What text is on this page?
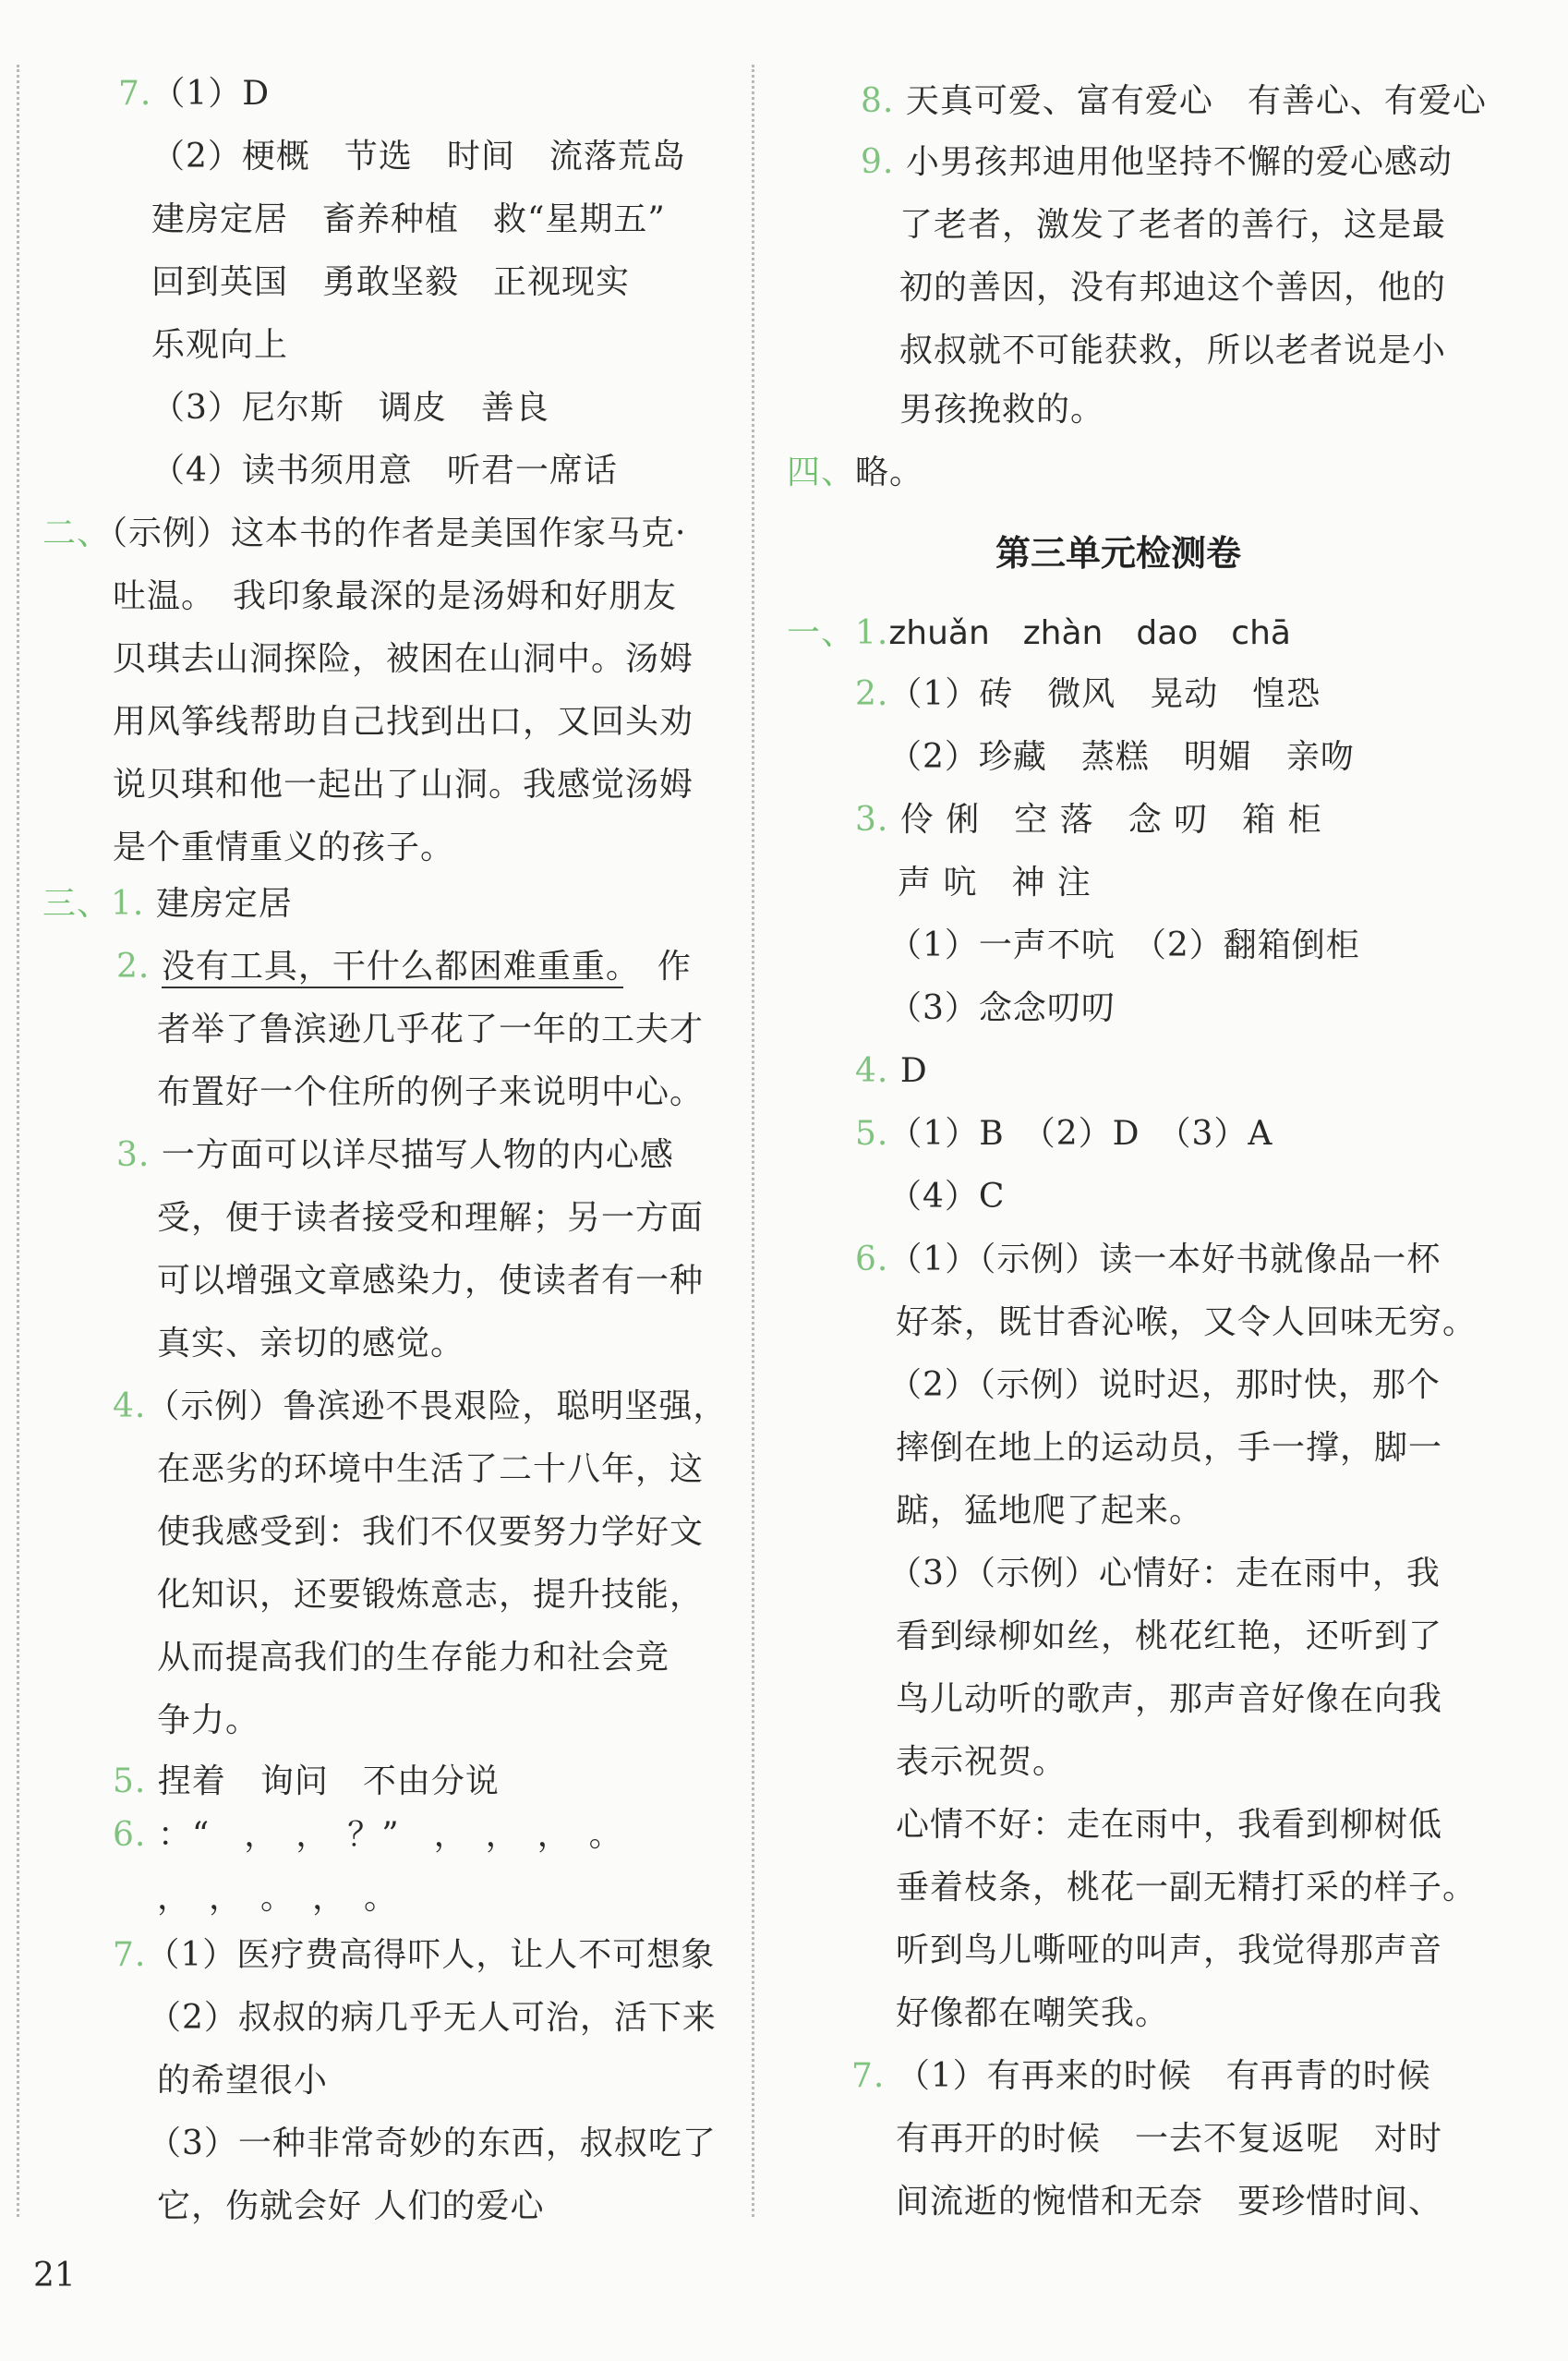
7.（1）D
（2）梗概　节选　时间　流落荒岛
建房定居　畜养种植　救“星期五”
回到英国　勇敢坚毅　正视现实
乐观向上
（3）尼尔斯　调皮　善良
（4）读书须用意　听君一席话
二、（示例）这本书的作者是美国作家马克·
吐温。　我印象最深的是汤姆和好朋友
贝琪去山洞探险，被困在山洞中。汤姆
用风筝线帮助自己找到出口，又回头劝
说贝琪和他一起出了山洞。我感觉汤姆
是个重情重义的孩子。
三、1. 建房定居
2. 没有工具，干什么都困难重重。　作
者举了鲁滨逊几乎花了一年的工夫才
布置好一个住所的例子来说明中心。
3. 一方面可以详尽描写人物的内心感
受，便于读者接受和理解；另一方面
可以增强文章感染力，使读者有一种
真实、亲切的感觉。
4.（示例）鲁滨逊不畏艰险，聪明坚强，
在恶劣的环境中生活了二十八年，这
使我感受到：我们不仅要努力学好文
化知识，还要锻炼意志，提升技能，
从而提高我们的生存能力和社会竞
争力。
5. 捏着　询问　不由分说
6. ：“　，　，　？”　，　，　，　。
，　，　。　，　。
7.（1）医疗费高得吓人，让人不可想象
（2）叔叔的病几乎无人可治，活下来
的希望很小
（3）一种非常奇妙的东西，叔叔吃了
它，伤就会好 人们的爱心
8. 天真可爱、富有爱心　有善心、有爱心
9. 小男孩邦迪用他坚持不懈的爱心感动
了老者，激发了老者的善行，这是最
初的善因，没有邦迪这个善因，他的
叔叔就不可能获救，所以老者说是小
男孩挽救的。
四、略。
第三单元检测卷
一、1.zhuǎn　zhàn　dao　chā
2.（1）砖　微风　晃动　惶恐
（2）珍藏　蒸糕　明媚　亲吻
3. 伶 俐　空 落　念 叨　箱 柜
声 吭　神 注
（1）一声不吭　（2）翻箱倒柜
（3）念念叨叨
4. D
5.（1）B　（2）D　（3）A
（4）C
6.（1）（示例）读一本好书就像品一杯
好茶，既甘香沁喉，又令人回味无穷。
（2）（示例）说时迟，那时快，那个
摔倒在地上的运动员，手一撑，脚一
踮，猛地爬了起来。
（3）（示例）心情好：走在雨中，我
看到绿柳如丝，桃花红艳，还听到了
鸟儿动听的歌声，那声音好像在向我
表示祝贺。
心情不好：走在雨中，我看到柳树低
垂着枝条，桃花一副无精打采的样子。
听到鸟儿嘶哑的叫声，我觉得那声音
好像都在嘲笑我。
7. （1）有再来的时候　有再青的时候
有再开的时候　一去不复返呢　对时
间流逝的惋惜和无奈　要珍惜时间、
21
